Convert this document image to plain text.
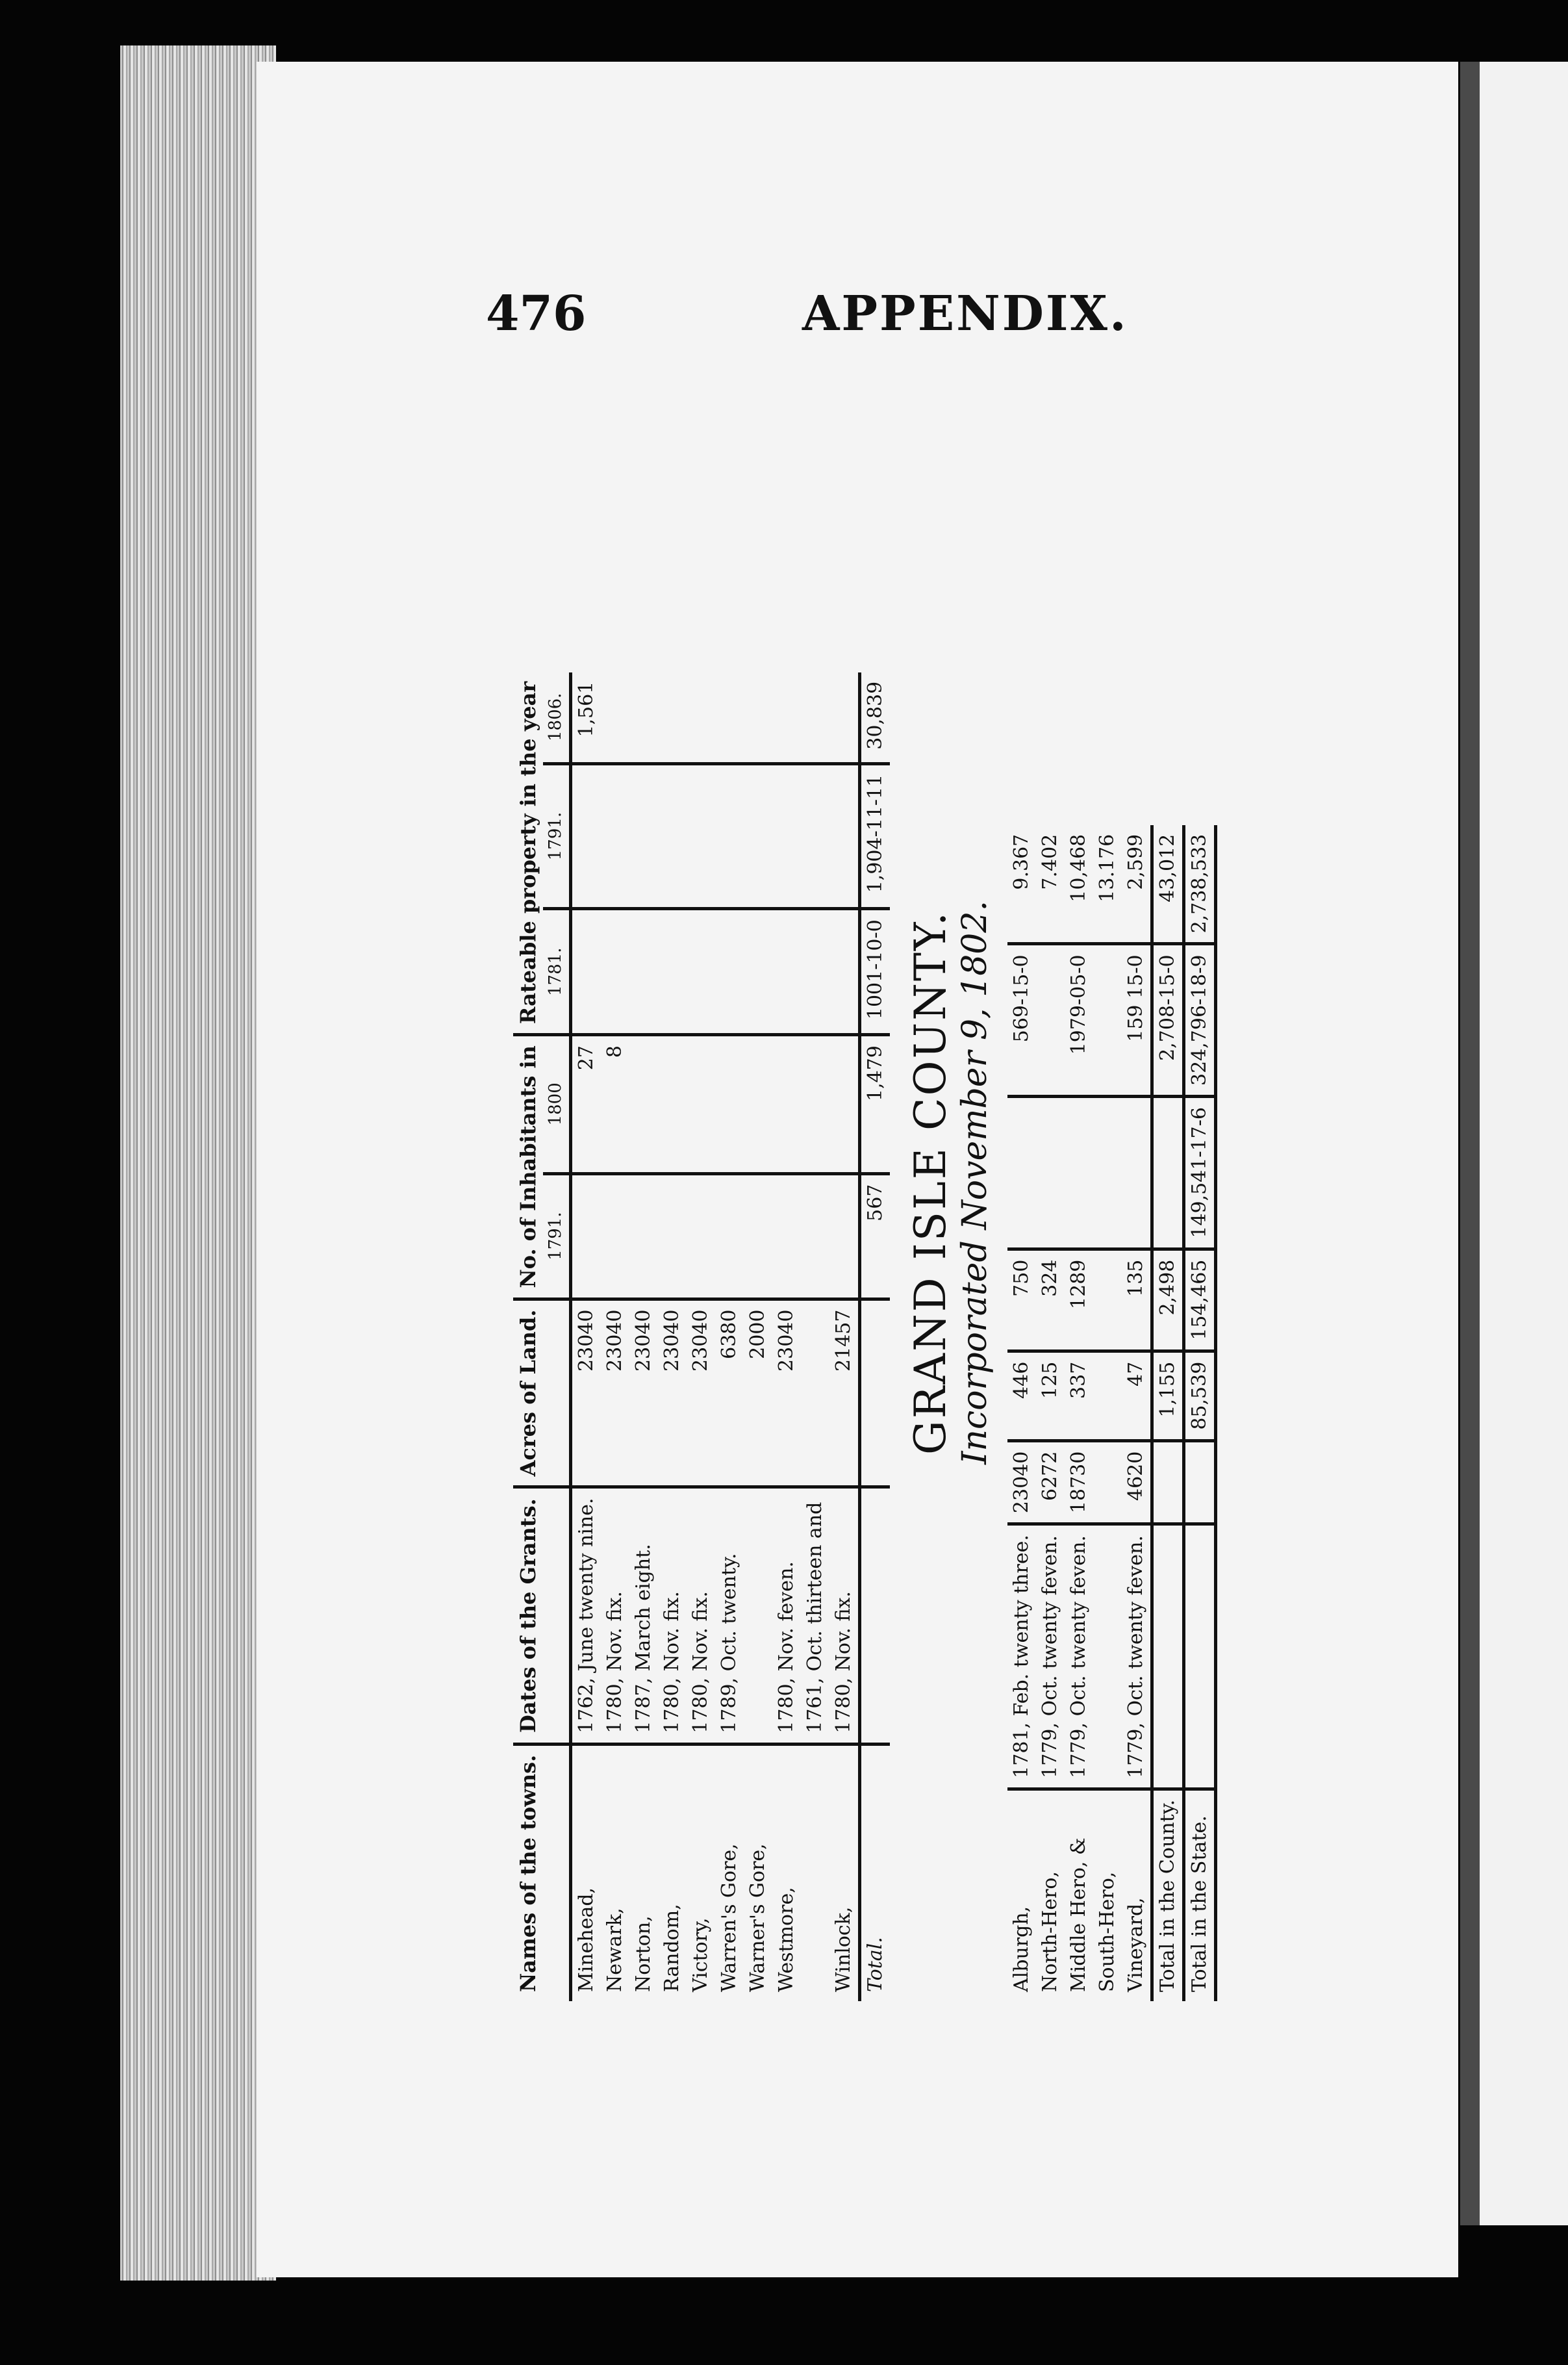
476	APPENDIX.
Names of the towns.	Dates of the Grants.	Acres of Land.	No. of Inhabitants in		Rateable property in the year		
			1791.	1800	1781.	1791.	1806.
Minehead,	1762, June twenty nine.	23040		27			1,561
Newark,	1780, Nov. fix.	23040		8			
Norton,	1787, March eight.	23040					
Random,	1780, Nov. fix.	23040					
Victory,	1780, Nov. fix.	23040					
Warren's Gore,	1789, Oct. twenty.	6380					
Warner's Gore,		2000					
Westmore,	1780, Nov. feven.	23040					
	1761, Oct. thirteen and						
Winlock,	1780, Nov. fix.	21457					
Total.			567	1,479	1001-10-0	1,904-11-11	30,839
GRAND ISLE COUNTY. Incorporated November 9, 1802.
Alburgh,	1781, Feb. twenty three.	23040	446	750		569-15-0	9.367
North-Hero,	1779, Oct. twenty feven.	6272	125	324			7.402
Middle Hero, &	1779, Oct. twenty feven.	18730	337	1289		1979-05-0	10,468
South-Hero,							13.176
Vineyard,	1779, Oct. twenty feven.	4620	47	135		159 15-0	2,599
Total in the County.			1,155	2,498		2,708-15-0	43,012
Total in the State.			85,539	154,465	149,541-17-6	324,796-18-9	2,738,533
